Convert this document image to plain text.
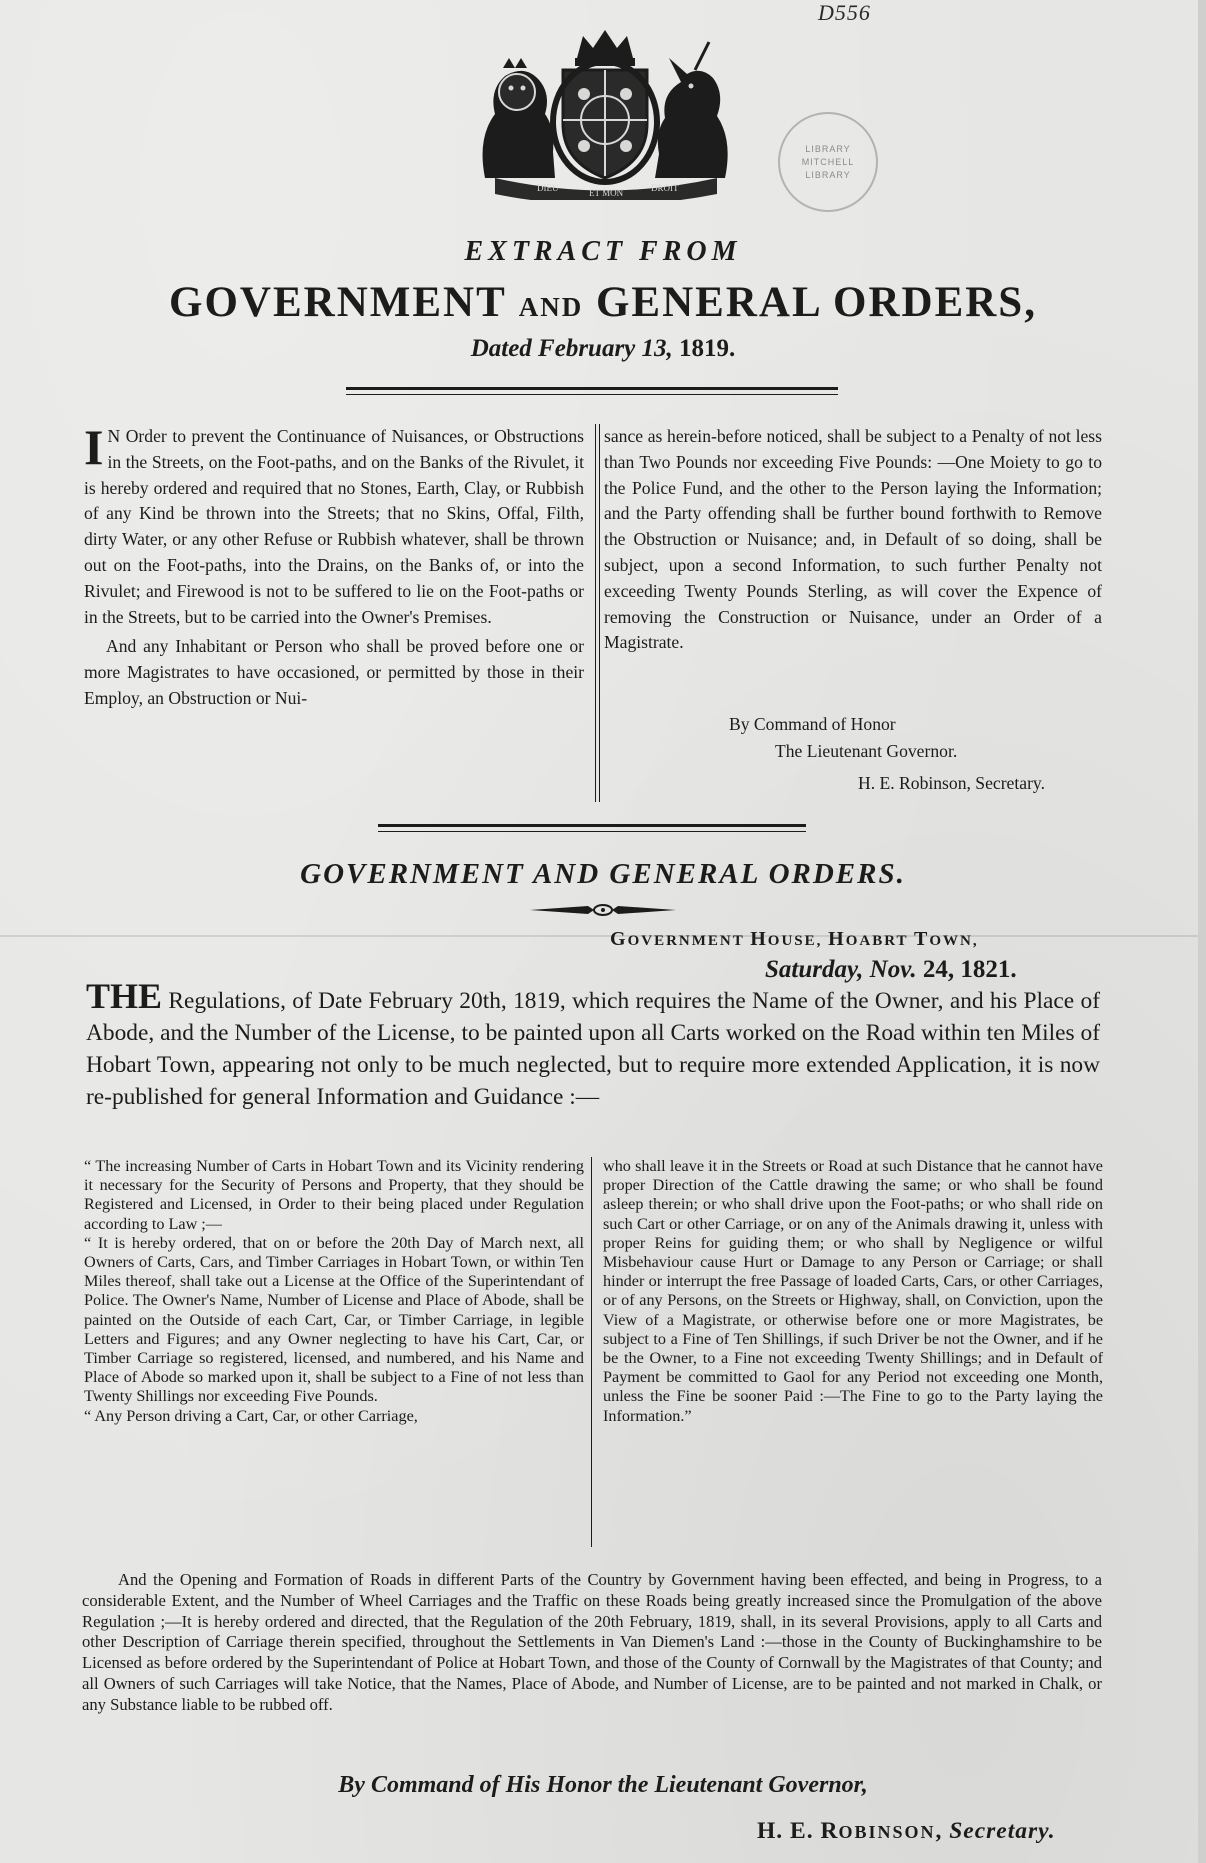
D556
LIBRARY
MITCHELL
LIBRARY
DIEU	ET MON	DROIT
EXTRACT FROM
GOVERNMENT AND GENERAL ORDERS,
Dated February 13, 1819.

I N Order to prevent the Continuance of Nuisances, or Obstructions in the Streets, on the Foot-paths, and on the Banks of the Rivulet, it is hereby ordered and required that no Stones, Earth, Clay, or Rubbish of any Kind be thrown into the Streets; that no Skins, Offal, Filth, dirty Water, or any other Refuse or Rubbish whatever, shall be thrown out on the Foot-paths, into the Drains, on the Banks of, or into the Rivulet; and Firewood is not to be suffered to lie on the Foot-paths or in the Streets, but to be carried into the Owner's Premises.

And any Inhabitant or Person who shall be proved before one or more Magistrates to have occasioned, or permitted by those in their Employ, an Obstruction or Nui-

sance as herein-before noticed, shall be subject to a Penalty of not less than Two Pounds nor exceeding Five Pounds: —One Moiety to go to the Police Fund, and the other to the Person laying the Information; and the Party offending shall be further bound forthwith to Remove the Obstruction or Nuisance; and, in Default of so doing, shall be subject, upon a second Information, to such further Penalty not exceeding Twenty Pounds Sterling, as will cover the Expence of removing the Construction or Nuisance, under an Order of a Magistrate.

By Command of Honor
The Lieutenant Governor.
H. E. Robinson, Secretary.
GOVERNMENT AND GENERAL ORDERS.
GOVERNMENT HOUSE, HOABRT TOWN,
Saturday, Nov. 24, 1821.
THE Regulations, of Date February 20th, 1819, which requires the Name of the Owner, and his Place of Abode, and the Number of the License, to be painted upon all Carts worked on the Road within ten Miles of Hobart Town, appearing not only to be much neglected, but to require more extended Application, it is now re-published for general Information and Guidance :—

“ The increasing Number of Carts in Hobart Town and its Vicinity rendering it necessary for the Security of Persons and Property, that they should be Registered and Licensed, in Order to their being placed under Regulation according to Law ;—

“ It is hereby ordered, that on or before the 20th Day of March next, all Owners of Carts, Cars, and Timber Carriages in Hobart Town, or within Ten Miles thereof, shall take out a License at the Office of the Superintendant of Police. The Owner's Name, Number of License and Place of Abode, shall be painted on the Outside of each Cart, Car, or Timber Carriage, in legible Letters and Figures; and any Owner neglecting to have his Cart, Car, or Timber Carriage so registered, licensed, and numbered, and his Name and Place of Abode so marked upon it, shall be subject to a Fine of not less than Twenty Shillings nor exceeding Five Pounds.

“ Any Person driving a Cart, Car, or other Carriage,

who shall leave it in the Streets or Road at such Distance that he cannot have proper Direction of the Cattle drawing the same; or who shall be found asleep therein; or who shall drive upon the Foot-paths; or who shall ride on such Cart or other Carriage, or on any of the Animals drawing it, unless with proper Reins for guiding them; or who shall by Negligence or wilful Misbehaviour cause Hurt or Damage to any Person or Carriage; or shall hinder or interrupt the free Passage of loaded Carts, Cars, or other Carriages, or of any Persons, on the Streets or Highway, shall, on Conviction, upon the View of a Magistrate, or otherwise before one or more Magistrates, be subject to a Fine of Ten Shillings, if such Driver be not the Owner, and if he be the Owner, to a Fine not exceeding Twenty Shillings; and in Default of Payment be committed to Gaol for any Period not exceeding one Month, unless the Fine be sooner Paid :—The Fine to go to the Party laying the Information.”

And the Opening and Formation of Roads in different Parts of the Country by Government having been effected, and being in Progress, to a considerable Extent, and the Number of Wheel Carriages and the Traffic on these Roads being greatly increased since the Promulgation of the above Regulation ;—It is hereby ordered and directed, that the Regulation of the 20th February, 1819, shall, in its several Provisions, apply to all Carts and other Description of Carriage therein specified, throughout the Settlements in Van Diemen's Land :—those in the County of Buckinghamshire to be Licensed as before ordered by the Superintendant of Police at Hobart Town, and those of the County of Cornwall by the Magistrates of that County; and all Owners of such Carriages will take Notice, that the Names, Place of Abode, and Number of License, are to be painted and not marked in Chalk, or any Substance liable to be rubbed off.

By Command of His Honor the Lieutenant Governor,
H. E. ROBINSON, Secretary.
